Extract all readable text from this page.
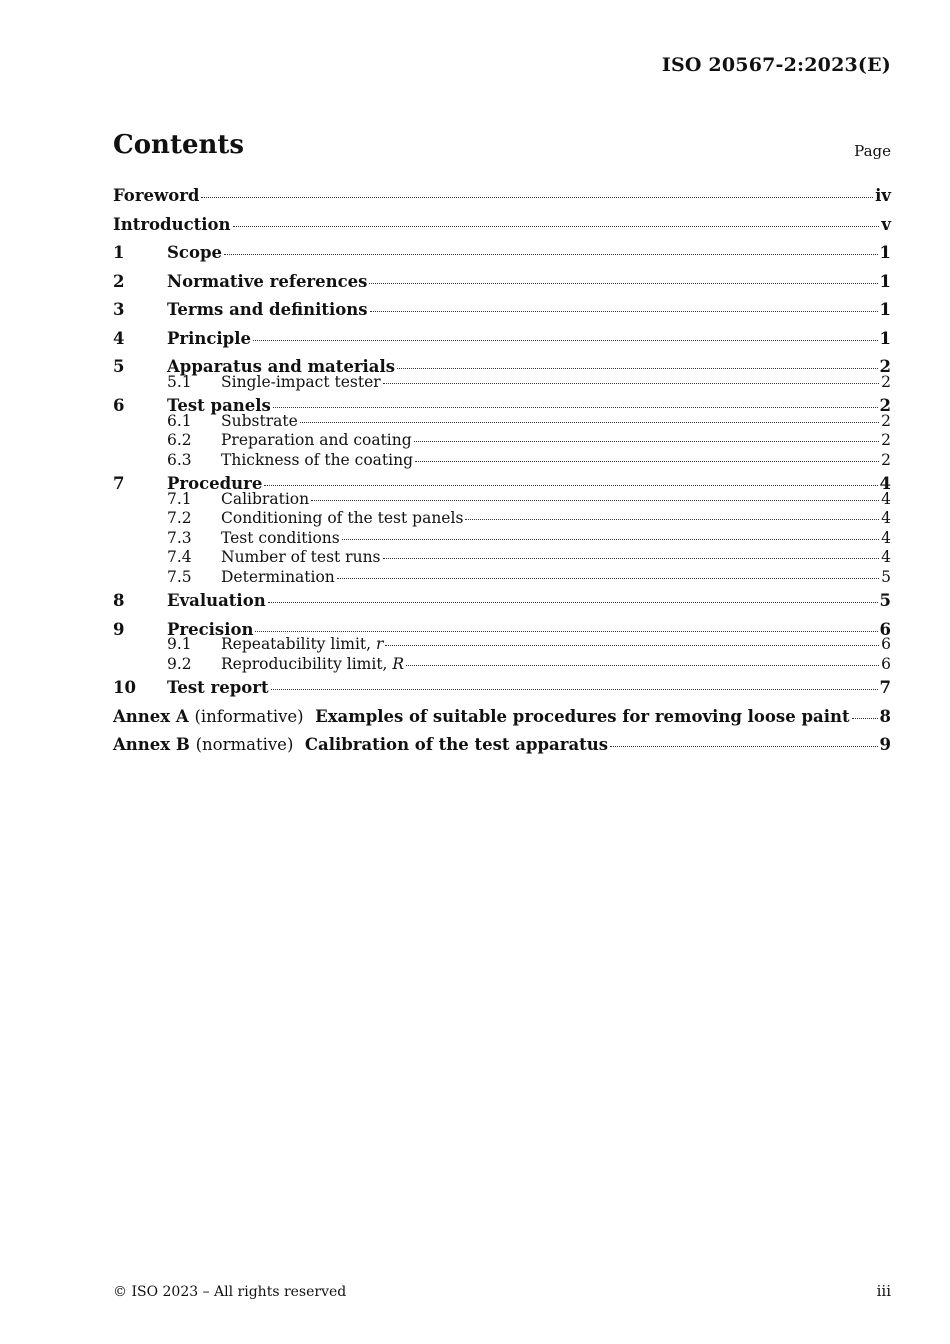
ISO 20567-2:2023(E)
Contents	Page
Foreword	iv
Introduction	v
1	Scope	1
2	Normative references	1
3	Terms and definitions	1
4	Principle	1
5	Apparatus and materials	2
5.1	Single-impact tester	2
6	Test panels	2
6.1	Substrate	2
6.2	Preparation and coating	2
6.3	Thickness of the coating	2
7	Procedure	4
7.1	Calibration	4
7.2	Conditioning of the test panels	4
7.3	Test conditions	4
7.4	Number of test runs	4
7.5	Determination	5
8	Evaluation	5
9	Precision	6
9.1	Repeatability limit, r	6
9.2	Reproducibility limit, R	6
10	Test report	7
Annex A (informative) Examples of suitable procedures for removing loose paint 8
Annex B (normative) Calibration of the test apparatus	9
© ISO 2023 – All rights reserved	iii
